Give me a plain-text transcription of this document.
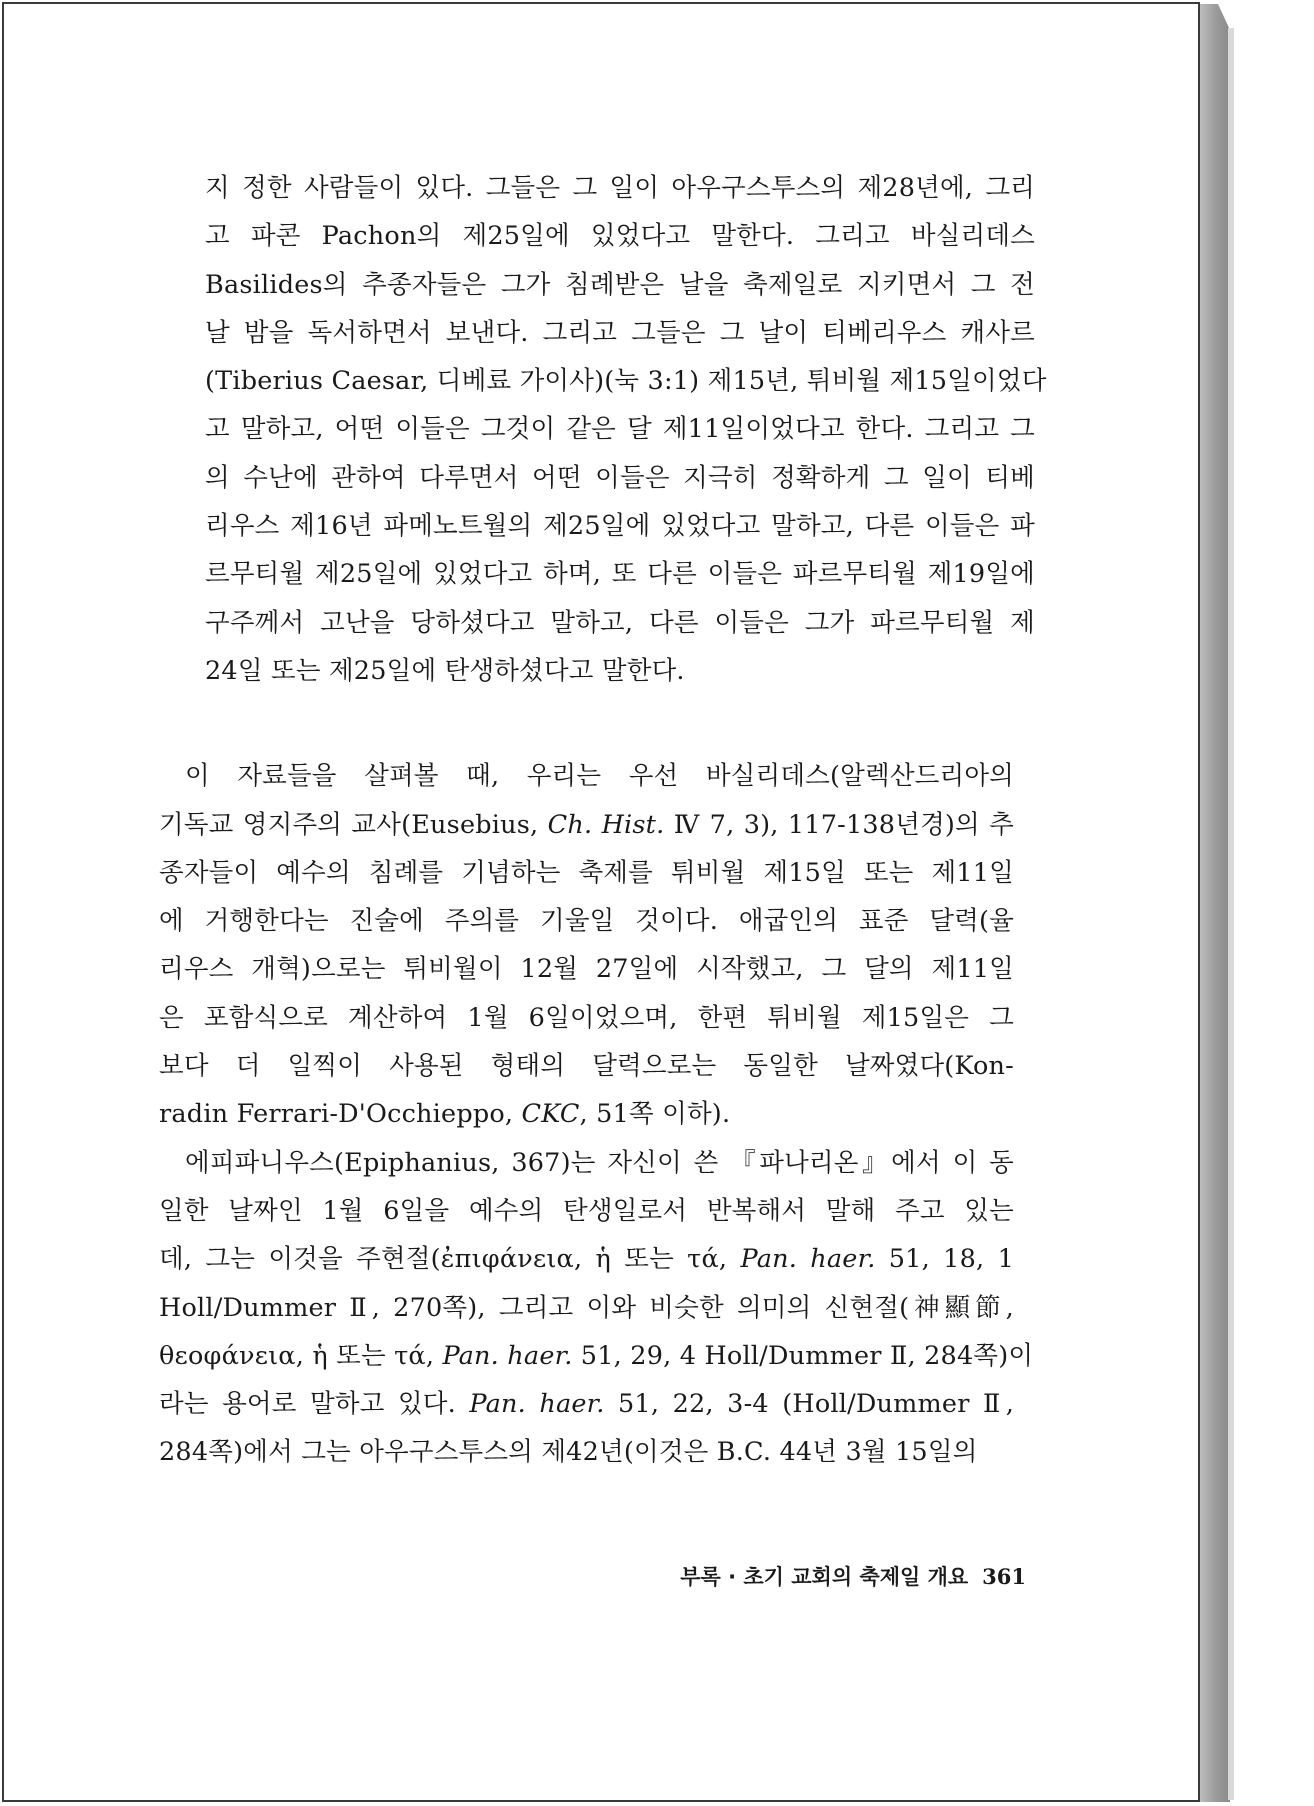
지 정한 사람들이 있다. 그들은 그 일이 아우구스투스의 제28년에, 그리
고 파콘 Pachon의 제25일에 있었다고 말한다. 그리고 바실리데스
Basilides의 추종자들은 그가 침례받은 날을 축제일로 지키면서 그 전
날 밤을 독서하면서 보낸다. 그리고 그들은 그 날이 티베리우스 캐사르
(Tiberius Caesar, 디베료 가이사)(눅 3:1) 제15년, 튀비월 제15일이었다
고 말하고, 어떤 이들은 그것이 같은 달 제11일이었다고 한다. 그리고 그
의 수난에 관하여 다루면서 어떤 이들은 지극히 정확하게 그 일이 티베
리우스 제16년 파메노트월의 제25일에 있었다고 말하고, 다른 이들은 파
르무티월 제25일에 있었다고 하며, 또 다른 이들은 파르무티월 제19일에
구주께서 고난을 당하셨다고 말하고, 다른 이들은 그가 파르무티월 제
24일 또는 제25일에 탄생하셨다고 말한다.
이 자료들을 살펴볼 때, 우리는 우선 바실리데스(알렉산드리아의
기독교 영지주의 교사(Eusebius, Ch. Hist. Ⅳ 7, 3), 117-138년경)의 추
종자들이 예수의 침례를 기념하는 축제를 튀비월 제15일 또는 제11일
에 거행한다는 진술에 주의를 기울일 것이다. 애굽인의 표준 달력(율
리우스 개혁)으로는 튀비월이 12월 27일에 시작했고, 그 달의 제11일
은 포함식으로 계산하여 1월 6일이었으며, 한편 튀비월 제15일은 그
보다 더 일찍이 사용된 형태의 달력으로는 동일한 날짜였다(Kon-
radin Ferrari-D'Occhieppo, CKC, 51쪽 이하).
에피파니우스(Epiphanius, 367)는 자신이 쓴 『파나리온』에서 이 동
일한 날짜인 1월 6일을 예수의 탄생일로서 반복해서 말해 주고 있는
데, 그는 이것을 주현절(ἐπιφάνεια, ἡ 또는 τά, Pan. haer. 51, 18, 1
Holl/Dummer Ⅱ, 270쪽), 그리고 이와 비슷한 의미의 신현절(神顯節,
θεοφάνεια, ἡ 또는 τά, Pan. haer. 51, 29, 4 Holl/Dummer Ⅱ, 284쪽)이
라는 용어로 말하고 있다. Pan. haer. 51, 22, 3-4 (Holl/Dummer Ⅱ,
284쪽)에서 그는 아우구스투스의 제42년(이것은 B.C. 44년 3월 15일의
부록 · 초기 교회의 축제일 개요 361
